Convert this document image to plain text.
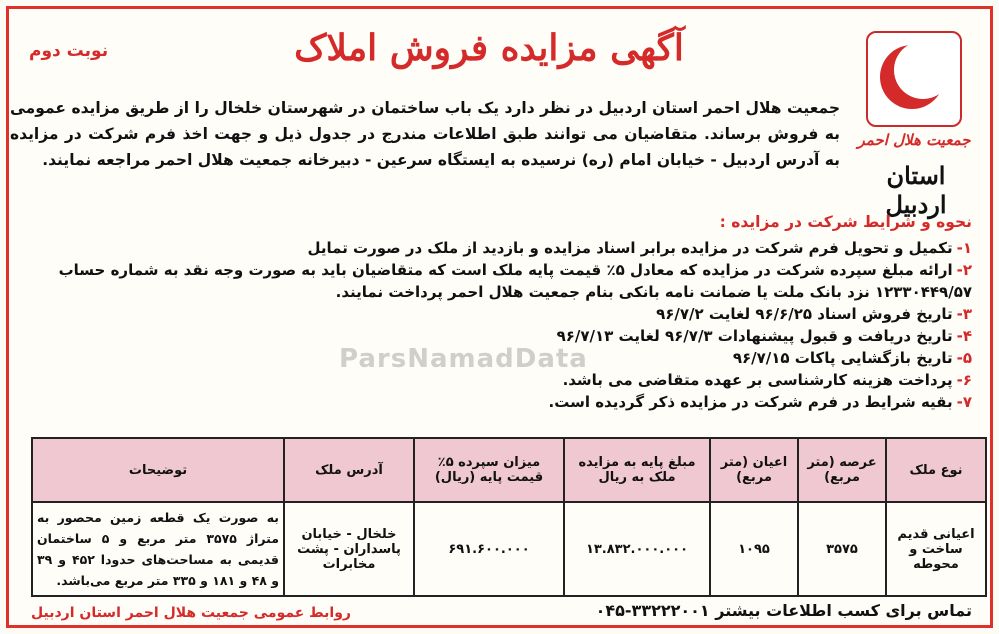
جمعیت هلال احمر
استان اردبیل
آگهی مزایده فروش املاک
نوبت دوم
جمعیت هلال احمر استان اردبیل در نظر دارد یک باب ساختمان در شهرستان خلخال را از طریق مزایده عمومی به فروش برساند. متقاضیان می توانند طبق اطلاعات مندرج در جدول ذیل و جهت اخذ فرم شرکت در مزایده به آدرس اردبیل - خیابان امام (ره) نرسیده به ایستگاه سرعین - دبیرخانه جمعیت هلال احمر مراجعه نمایند.
نحوه و شرایط شرکت در مزایده :
۱-تکمیل و تحویل فرم شرکت در مزایده برابر اسناد مزایده و بازدید از ملک در صورت تمایل
۲-ارائه مبلغ سپرده شرکت در مزایده که معادل ۵٪ قیمت پایه ملک است که متقاضیان باید به صورت وجه نقد به شماره حساب ۱۲۳۳۰۴۴۹/۵۷ نزد بانک ملت یا ضمانت نامه بانکی بنام جمعیت هلال احمر پرداخت نمایند.
۳-تاریخ فروش اسناد ۹۶/۶/۲۵ لغایت ۹۶/۷/۲
۴-تاریخ دریافت و قبول پیشنهادات ۹۶/۷/۳ لغایت ۹۶/۷/۱۳
۵-تاریخ بازگشایی پاکات ۹۶/۷/۱۵
۶-پرداخت هزینه کارشناسی بر عهده متقاضی می باشد.
۷-بقیه شرایط در فرم شرکت در مزایده ذکر گردیده است.
ParsNamadData
نوع ملک	عرصه (متر مربع)	اعیان (متر مربع)	مبلغ پایه به مزایده ملک به ریال	میزان سپرده ۵٪ قیمت پایه (ریال)	آدرس ملک	توضیحات
اعیانی قدیم ساخت و محوطه	۳۵۷۵	۱۰۹۵	۱۳.۸۳۲.۰۰۰.۰۰۰	۶۹۱.۶۰۰.۰۰۰	خلخال - خیابان پاسداران - پشت مخابرات	به صورت یک قطعه زمین محصور به متراژ ۳۵۷۵ متر مربع و ۵ ساختمان قدیمی به مساحت‌های حدودا ۴۵۲ و ۳۹ و ۴۸ و ۱۸۱ و ۳۳۵ متر مربع می‌باشد.
تماس برای کسب اطلاعات بیشتر ۳۳۲۲۲۰۰۱-۰۴۵
روابط عمومی جمعیت هلال احمر استان اردبیل
